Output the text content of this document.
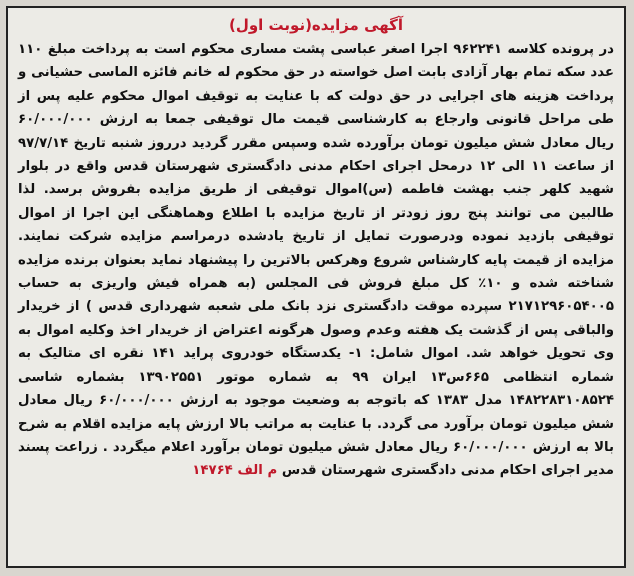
آگهی مزایده(نوبت اول)
در پرونده کلاسه ۹۶۲۲۴۱ اجرا اصغر عباسی پشت مساری محکوم است به پرداخت مبلغ ۱۱۰ عدد سکه تمام بهار آزادی بابت اصل خواسته در حق محکوم له خانم فائزه الماسی حشیانی و پرداخت هزینه های اجرایی در حق دولت که با عنایت به توقیف اموال محکوم علیه پس از طی مراحل قانونی وارجاع به کارشناسی قیمت مال توقیفی جمعا به ارزش ۶۰/۰۰۰/۰۰۰ ریال معادل شش میلیون تومان برآورده شده وسپس مقرر گردید درروز شنبه تاریخ ۹۷/۷/۱۴ از ساعت ۱۱ الی ۱۲ درمحل اجرای احکام مدنی دادگستری شهرستان قدس واقع در بلوار شهید کلهر جنب بهشت فاطمه (س)اموال توقیفی از طریق مزایده بفروش برسد. لذا طالبین می توانند پنج روز زودتر از تاریخ مزایده با اطلاع وهماهنگی این اجرا از اموال توقیفی بازدید نموده ودرصورت تمایل از تاریخ یادشده درمراسم مزایده شرکت نمایند. مزایده از قیمت پایه کارشناس شروع وهرکس بالاترین را پیشنهاد نماید بعنوان برنده مزایده شناخته شده و ۱۰٪ کل مبلغ فروش فی المجلس (به همراه فیش واریزی به حساب ۲۱۷۱۲۹۶۰۵۴۰۰۵ سپرده موقت دادگستری نزد بانک ملی شعبه شهرداری قدس ) از خریدار والباقی پس از گذشت یک هفته وعدم وصول هرگونه اعتراض از خریدار اخذ وکلیه اموال به وی تحویل خواهد شد. اموال شامل: ۱- یکدستگاه خودروی پراید ۱۴۱ نقره ای متالیک به شماره انتظامی ۶۶۵س۱۳ ایران ۹۹ به شماره موتور ۱۳۹۰۲۵۵۱ بشماره شاسی ۱۴۸۲۲۸۳۱۰۸۵۲۴ مدل ۱۳۸۳ که باتوجه به وضعیت موجود به ارزش ۶۰/۰۰۰/۰۰۰ ریال معادل شش میلیون تومان برآورد می گردد. با عنایت به مراتب بالا ارزش پایه مزایده اقلام به شرح بالا به ارزش ۶۰/۰۰۰/۰۰۰ ریال معادل شش میلیون تومان برآورد اعلام میگردد . زراعت پسند مدیر اجرای احکام مدنی دادگستری شهرستان قدس م الف ۱۴۷۶۴
